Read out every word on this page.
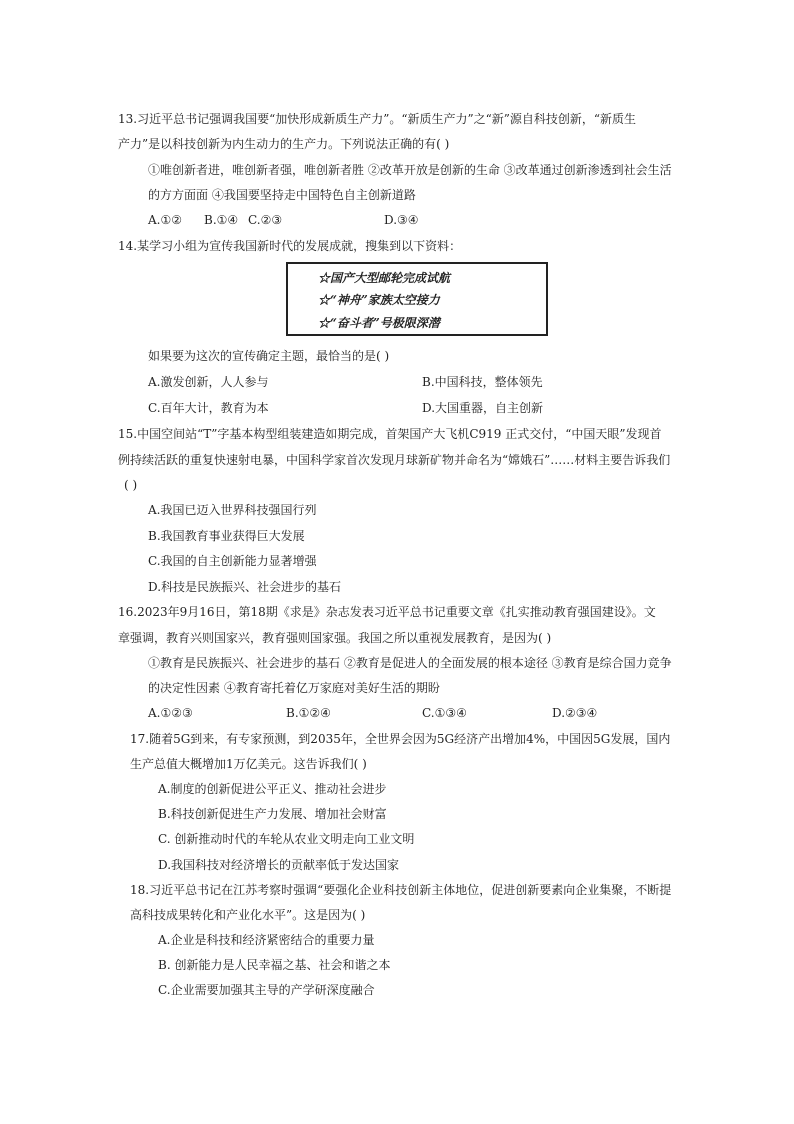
13.习近平总书记强调我国要“加快形成新质生产力”。“新质生产力”之“新”源自科技创新，“新质生
产力”是以科技创新为内生动力的生产力。下列说法正确的有( )
①唯创新者进，唯创新者强，唯创新者胜 ②改革开放是创新的生命 ③改革通过创新渗透到社会生活
的方方面面 ④我国要坚持走中国特色自主创新道路
A.①② B.①④ C.②③	D.③④
14.某学习小组为宣传我国新时代的发展成就，搜集到以下资料：
☆国产大型邮轮完成试航
☆“神舟”家族太空接力
☆“奋斗者”号极限深潜
如果要为这次的宣传确定主题，最恰当的是( )
A.激发创新，人人参与	B.中国科技，整体领先
C.百年大计，教育为本	D.大国重器，自主创新
15.中国空间站“T”字基本构型组装建造如期完成，首架国产大飞机C919 正式交付，“中国天眼”发现首
例持续活跃的重复快速射电暴，中国科学家首次发现月球新矿物并命名为“嫦娥石”……材料主要告诉我们
( )
A.我国已迈入世界科技强国行列
B.我国教育事业获得巨大发展
C.我国的自主创新能力显著增强
D.科技是民族振兴、社会进步的基石
16.2023年9月16日，第18期《求是》杂志发表习近平总书记重要文章《扎实推动教育强国建设》。文
章强调，教育兴则国家兴，教育强则国家强。我国之所以重视发展教育，是因为( )
①教育是民族振兴、社会进步的基石 ②教育是促进人的全面发展的根本途径 ③教育是综合国力竞争
的决定性因素 ④教育寄托着亿万家庭对美好生活的期盼
A.①②③	B.①②④	C.①③④	D.②③④
17.随着5G到来，有专家预测，到2035年，全世界会因为5G经济产出增加4%，中国因5G发展，国内
生产总值大概增加1万亿美元。这告诉我们( )
A.制度的创新促进公平正义、推动社会进步
B.科技创新促进生产力发展、增加社会财富
C. 创新推动时代的车轮从农业文明走向工业文明
D.我国科技对经济增长的贡献率低于发达国家
18.习近平总书记在江苏考察时强调“要强化企业科技创新主体地位，促进创新要素向企业集聚，不断提
高科技成果转化和产业化水平”。这是因为( )
A.企业是科技和经济紧密结合的重要力量
B. 创新能力是人民幸福之基、社会和谐之本
C.企业需要加强其主导的产学研深度融合
